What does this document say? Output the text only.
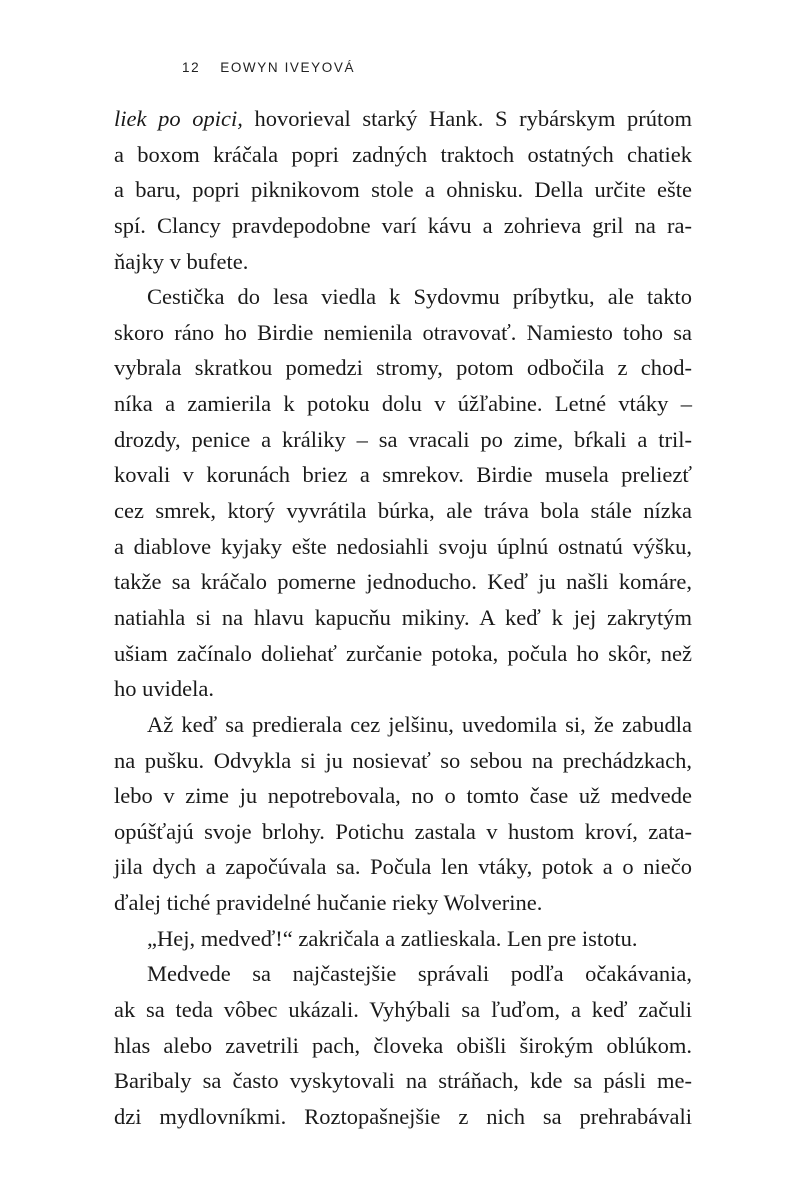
12 EOWYN IVEYOVÁ
liek po opici, hovorieval starký Hank. S rybárskym prútom
a boxom kráčala popri zadných traktoch ostatných chatiek
a baru, popri piknikovom stole a ohnisku. Della určite ešte
spí. Clancy pravdepodobne varí kávu a zohrieva gril na ra-
ňajky v bufete.
Cestička do lesa viedla k Sydovmu príbytku, ale takto
skoro ráno ho Birdie nemienila otravovať. Namiesto toho sa
vybrala skratkou pomedzi stromy, potom odbočila z chod-
níka a zamierila k potoku dolu v úžľabine. Letné vtáky –
drozdy, penice a králiky – sa vracali po zime, bŕkali a tril-
kovali v korunách briez a smrekov. Birdie musela preliezť
cez smrek, ktorý vyvrátila búrka, ale tráva bola stále nízka
a diablove kyjaky ešte nedosiahli svoju úplnú ostnatú výšku,
takže sa kráčalo pomerne jednoducho. Keď ju našli komáre,
natiahla si na hlavu kapucňu mikiny. A keď k jej zakrytým
ušiam začínalo doliehať zurčanie potoka, počula ho skôr, než
ho uvidela.
Až keď sa predierala cez jelšinu, uvedomila si, že zabudla
na pušku. Odvykla si ju nosievať so sebou na prechádzkach,
lebo v zime ju nepotrebovala, no o tomto čase už medvede
opúšťajú svoje brlohy. Potichu zastala v hustom kroví, zata-
jila dych a započúvala sa. Počula len vtáky, potok a o niečo
ďalej tiché pravidelné hučanie rieky Wolverine.
„Hej, medveď!“ zakričala a zatlieskala. Len pre istotu.
Medvede sa najčastejšie správali podľa očakávania,
ak sa teda vôbec ukázali. Vyhýbali sa ľuďom, a keď začuli
hlas alebo zavetrili pach, človeka obišli širokým oblúkom.
Baribaly sa často vyskytovali na stráňach, kde sa pásli me-
dzi mydlovníkmi. Roztopašnejšie z nich sa prehrabávali
